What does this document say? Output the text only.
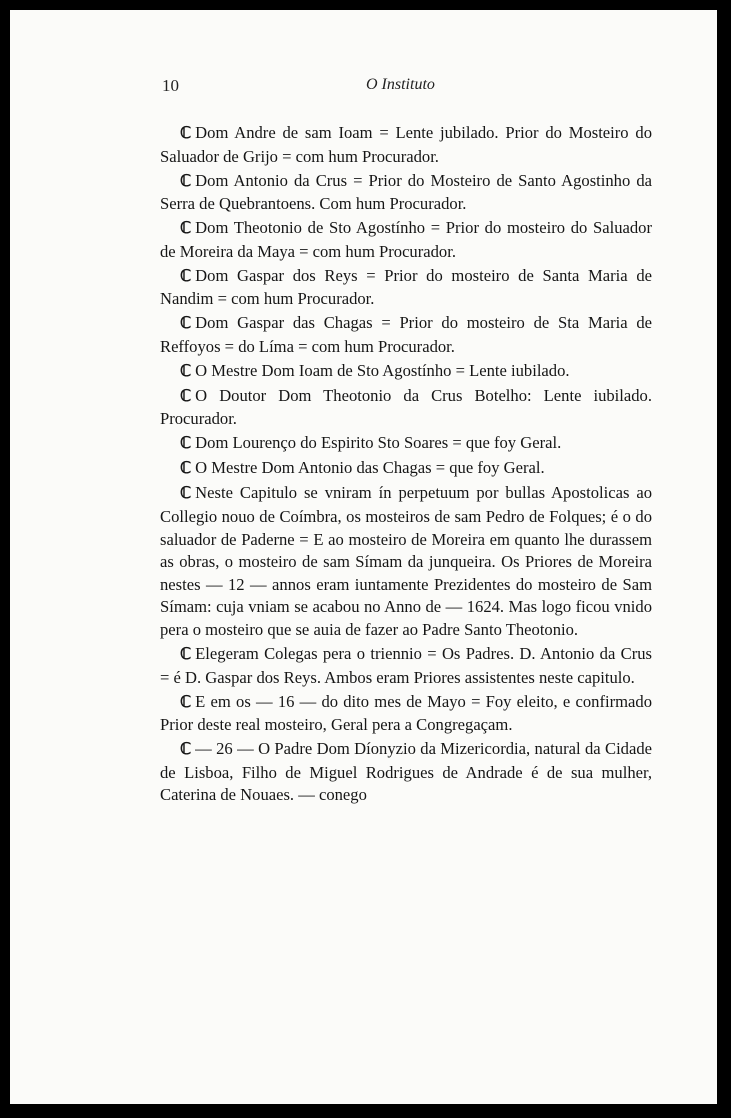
10	O Instituto

ℂ Dom Andre de sam Ioam = Lente jubilado. Prior do Mosteiro do Saluador de Grijo = com hum Procurador.

ℂ Dom Antonio da Crus = Prior do Mosteiro de Santo Agostinho da Serra de Quebrantoens. Com hum Procurador.

ℂ Dom Theotonio de Sto Agostínho = Prior do mosteiro do Saluador de Moreira da Maya = com hum Procurador.

ℂ Dom Gaspar dos Reys = Prior do mosteiro de Santa Maria de Nandim = com hum Procurador.

ℂ Dom Gaspar das Chagas = Prior do mosteiro de Sta Maria de Reffoyos = do Líma = com hum Procurador.

ℂ O Mestre Dom Ioam de Sto Agostínho = Lente iubilado.

ℂ O Doutor Dom Theotonio da Crus Botelho: Lente iubilado. Procurador.

ℂ Dom Lourenço do Espirito Sto Soares = que foy Geral.

ℂ O Mestre Dom Antonio das Chagas = que foy Geral.

ℂ Neste Capitulo se vniram ín perpetuum por bullas Apostolicas ao Collegio nouo de Coímbra, os mosteiros de sam Pedro de Folques; é o do saluador de Paderne = E ao mosteiro de Moreira em quanto lhe durassem as obras, o mosteiro de sam Símam da junqueira. Os Priores de Moreira nestes — 12 — annos eram iuntamente Prezidentes do mosteiro de Sam Símam: cuja vniam se acabou no Anno de — 1624. Mas logo ficou vnido pera o mosteiro que se auia de fazer ao Padre Santo Theotonio.

ℂ Elegeram Colegas pera o triennio = Os Padres. D. Antonio da Crus = é D. Gaspar dos Reys. Ambos eram Priores assistentes neste capitulo.

ℂ E em os — 16 — do dito mes de Mayo = Foy eleito, e confirmado Prior deste real mosteiro, Geral pera a Congregaçam.

ℂ — 26 — O Padre Dom Díonyzio da Mizericordia, natural da Cidade de Lisboa, Filho de Miguel Rodrigues de Andrade é de sua mulher, Caterina de Nouaes. — conego
